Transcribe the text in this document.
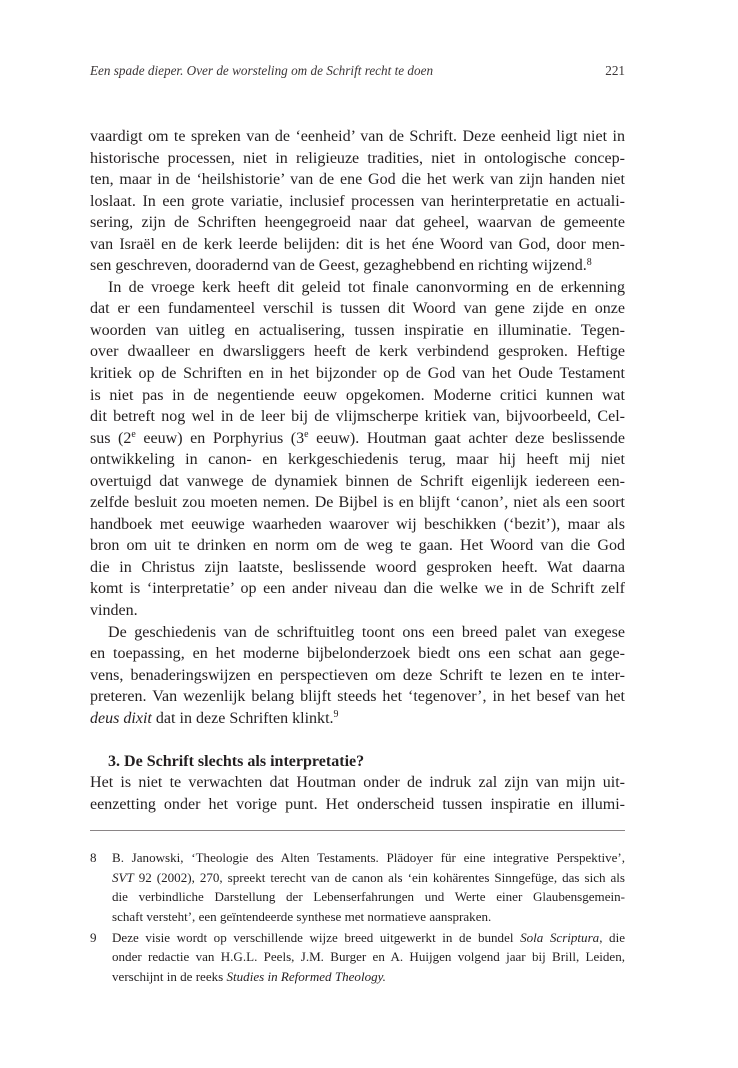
Een spade dieper. Over de worsteling om de Schrift recht te doen	221
vaardigt om te spreken van de ‘eenheid’ van de Schrift. Deze eenheid ligt niet in
historische processen, niet in religieuze tradities, niet in ontologische concep-
ten, maar in de ‘heilshistorie’ van de ene God die het werk van zijn handen niet
loslaat. In een grote variatie, inclusief processen van herinterpretatie en actuali-
sering, zijn de Schriften heengegroeid naar dat geheel, waarvan de gemeente
van Israël en de kerk leerde belijden: dit is het éne Woord van God, door men-
sen geschreven, dooradernd van de Geest, gezaghebbend en richting wijzend.$^8$
In de vroege kerk heeft dit geleid tot finale canonvorming en de erkenning
dat er een fundamenteel verschil is tussen dit Woord van gene zijde en onze
woorden van uitleg en actualisering, tussen inspiratie en illuminatie. Tegen-
over dwaalleer en dwarsliggers heeft de kerk verbindend gesproken. Heftige
kritiek op de Schriften en in het bijzonder op de God van het Oude Testament
is niet pas in de negentiende eeuw opgekomen. Moderne critici kunnen wat
dit betreft nog wel in de leer bij de vlijmscherpe kritiek van, bijvoorbeeld, Cel-
sus (2e eeuw) en Porphyrius (3e eeuw). Houtman gaat achter deze beslissende
ontwikkeling in canon- en kerkgeschiedenis terug, maar hij heeft mij niet
overtuigd dat vanwege de dynamiek binnen de Schrift eigenlijk iedereen een-
zelfde besluit zou moeten nemen. De Bijbel is en blijft ‘canon’, niet als een soort
handboek met eeuwige waarheden waarover wij beschikken (‘bezit’), maar als
bron om uit te drinken en norm om de weg te gaan. Het Woord van die God
die in Christus zijn laatste, beslissende woord gesproken heeft. Wat daarna
komt is ‘interpretatie’ op een ander niveau dan die welke we in de Schrift zelf
vinden.
De geschiedenis van de schriftuitleg toont ons een breed palet van exegese
en toepassing, en het moderne bijbelonderzoek biedt ons een schat aan gege-
vens, benaderingswijzen en perspectieven om deze Schrift te lezen en te inter-
preteren. Van wezenlijk belang blijft steeds het ‘tegenover’, in het besef van het
deus dixit dat in deze Schriften klinkt.$^9$
3. De Schrift slechts als interpretatie?
Het is niet te verwachten dat Houtman onder de indruk zal zijn van mijn uit-
eenzetting onder het vorige punt. Het onderscheid tussen inspiratie en illumi-
8 B. Janowski, ‘Theologie des Alten Testaments. Plädoyer für eine integrative Perspektive’,
SVT 92 (2002), 270, spreekt terecht van de canon als ‘ein kohärentes Sinngefüge, das sich als
die verbindliche Darstellung der Lebenserfahrungen und Werte einer Glaubensgemein-
schaft versteht’, een geïntendeerde synthese met normatieve aanspraken.
9 Deze visie wordt op verschillende wijze breed uitgewerkt in de bundel Sola Scriptura, die
onder redactie van H.G.L. Peels, J.M. Burger en A. Huijgen volgend jaar bij Brill, Leiden,
verschijnt in de reeks Studies in Reformed Theology.
